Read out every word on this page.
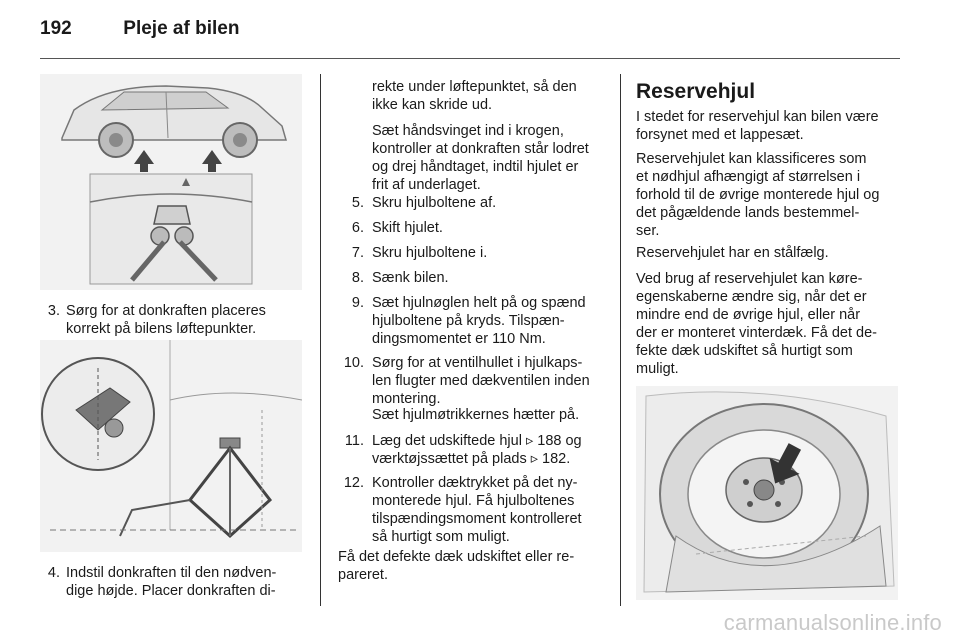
192	Pleje af bilen
3. Sørg for at donkraften placeres
korrekt på bilens løftepunkter.
4. Indstil donkraften til den nødven-
dige højde. Placer donkraften di-
rekte under løftepunktet, så den
ikke kan skride ud.
Sæt håndsvinget ind i krogen,
kontroller at donkraften står lodret
og drej håndtaget, indtil hjulet er
frit af underlaget.
5. Skru hjulboltene af.
6. Skift hjulet.
7. Skru hjulboltene i.
8. Sænk bilen.
9. Sæt hjulnøglen helt på og spænd
hjulboltene på kryds. Tilspæn-
dingsmomentet er 110 Nm.
10. Sørg for at ventilhullet i hjulkaps-
len flugter med dækventilen inden
montering.
Sæt hjulmøtrikkernes hætter på.
11. Læg det udskiftede hjul ▹ 188 og
værktøjssættet på plads ▹ 182.
12. Kontroller dæktrykket på det ny-
monterede hjul. Få hjulboltenes
tilspændingsmoment kontrolleret
så hurtigt som muligt.
Få det defekte dæk udskiftet eller re-
pareret.
Reservehjul
I stedet for reservehjul kan bilen være
forsynet med et lappesæt.
Reservehjulet kan klassificeres som
et nødhjul afhængigt af størrelsen i
forhold til de øvrige monterede hjul og
det pågældende lands bestemmel-
ser.
Reservehjulet har en stålfælg.
Ved brug af reservehjulet kan køre-
egenskaberne ændre sig, når det er
mindre end de øvrige hjul, eller når
der er monteret vinterdæk. Få det de-
fekte dæk udskiftet så hurtigt som
muligt.
carmanualsonline.info
